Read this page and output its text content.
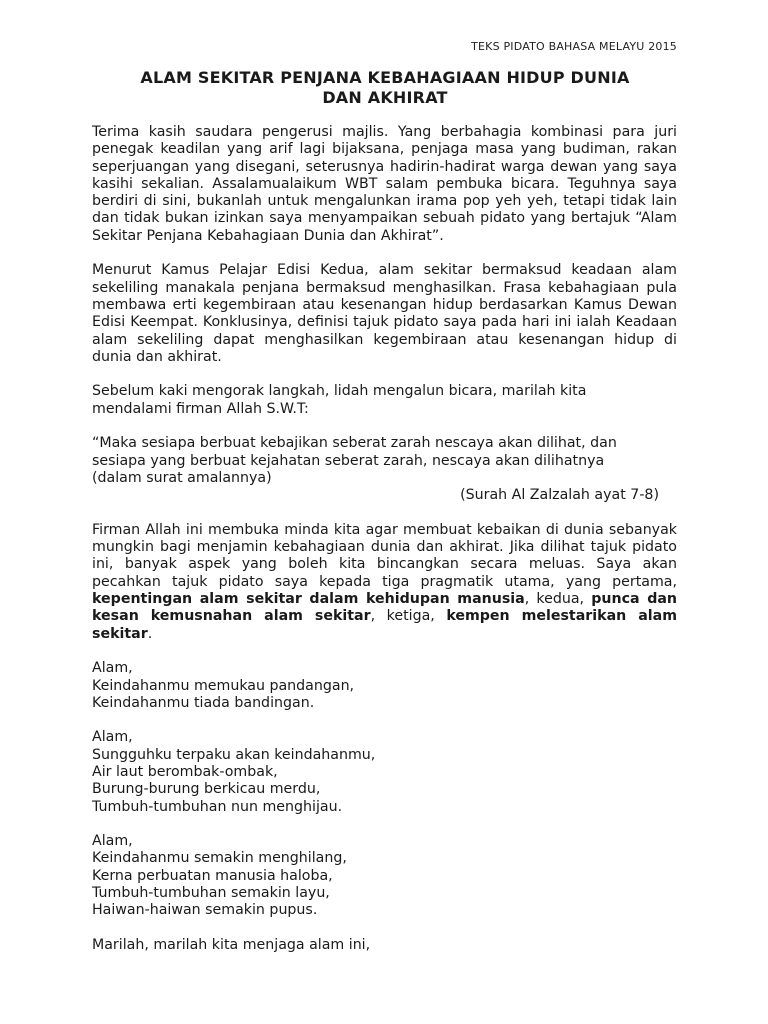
TEKS PIDATO BAHASA MELAYU 2015
ALAM SEKITAR PENJANA KEBAHAGIAAN HIDUP DUNIA
DAN AKHIRAT

Terima kasih saudara pengerusi majlis. Yang berbahagia kombinasi para juri penegak keadilan yang arif lagi bijaksana, penjaga masa yang budiman, rakan seperjuangan yang disegani, seterusnya hadirin-hadirat warga dewan yang saya kasihi sekalian. Assalamualaikum WBT salam pembuka bicara. Teguhnya saya berdiri di sini, bukanlah untuk mengalunkan irama pop yeh yeh, tetapi tidak lain dan tidak bukan izinkan saya menyampaikan sebuah pidato yang bertajuk “Alam Sekitar Penjana Kebahagiaan Dunia dan Akhirat”.

Menurut Kamus Pelajar Edisi Kedua, alam sekitar bermaksud keadaan alam sekeliling manakala penjana bermaksud menghasilkan. Frasa kebahagiaan pula membawa erti kegembiraan atau kesenangan hidup berdasarkan Kamus Dewan Edisi Keempat. Konklusinya, definisi tajuk pidato saya pada hari ini ialah Keadaan alam sekeliling dapat menghasilkan kegembiraan atau kesenangan hidup di dunia dan akhirat.

Sebelum kaki mengorak langkah, lidah mengalun bicara, marilah kita
mendalami firman Allah S.W.T:
“Maka sesiapa berbuat kebajikan seberat zarah nescaya akan dilihat, dan
sesiapa yang berbuat kejahatan seberat zarah, nescaya akan dilihatnya
(dalam surat amalannya)
(Surah Al Zalzalah ayat 7-8)

Firman Allah ini membuka minda kita agar membuat kebaikan di dunia sebanyak mungkin bagi menjamin kebahagiaan dunia dan akhirat. Jika dilihat tajuk pidato ini, banyak aspek yang boleh kita bincangkan secara meluas. Saya akan pecahkan tajuk pidato saya kepada tiga pragmatik utama, yang pertama, kepentingan alam sekitar dalam kehidupan manusia, kedua, punca dan kesan kemusnahan alam sekitar, ketiga, kempen melestarikan alam sekitar.

Alam,
Keindahanmu memukau pandangan,
Keindahanmu tiada bandingan.
Alam,
Sungguhku terpaku akan keindahanmu,
Air laut berombak-ombak,
Burung-burung berkicau merdu,
Tumbuh-tumbuhan nun menghijau.
Alam,
Keindahanmu semakin menghilang,
Kerna perbuatan manusia haloba,
Tumbuh-tumbuhan semakin layu,
Haiwan-haiwan semakin pupus.
Marilah, marilah kita menjaga alam ini,
